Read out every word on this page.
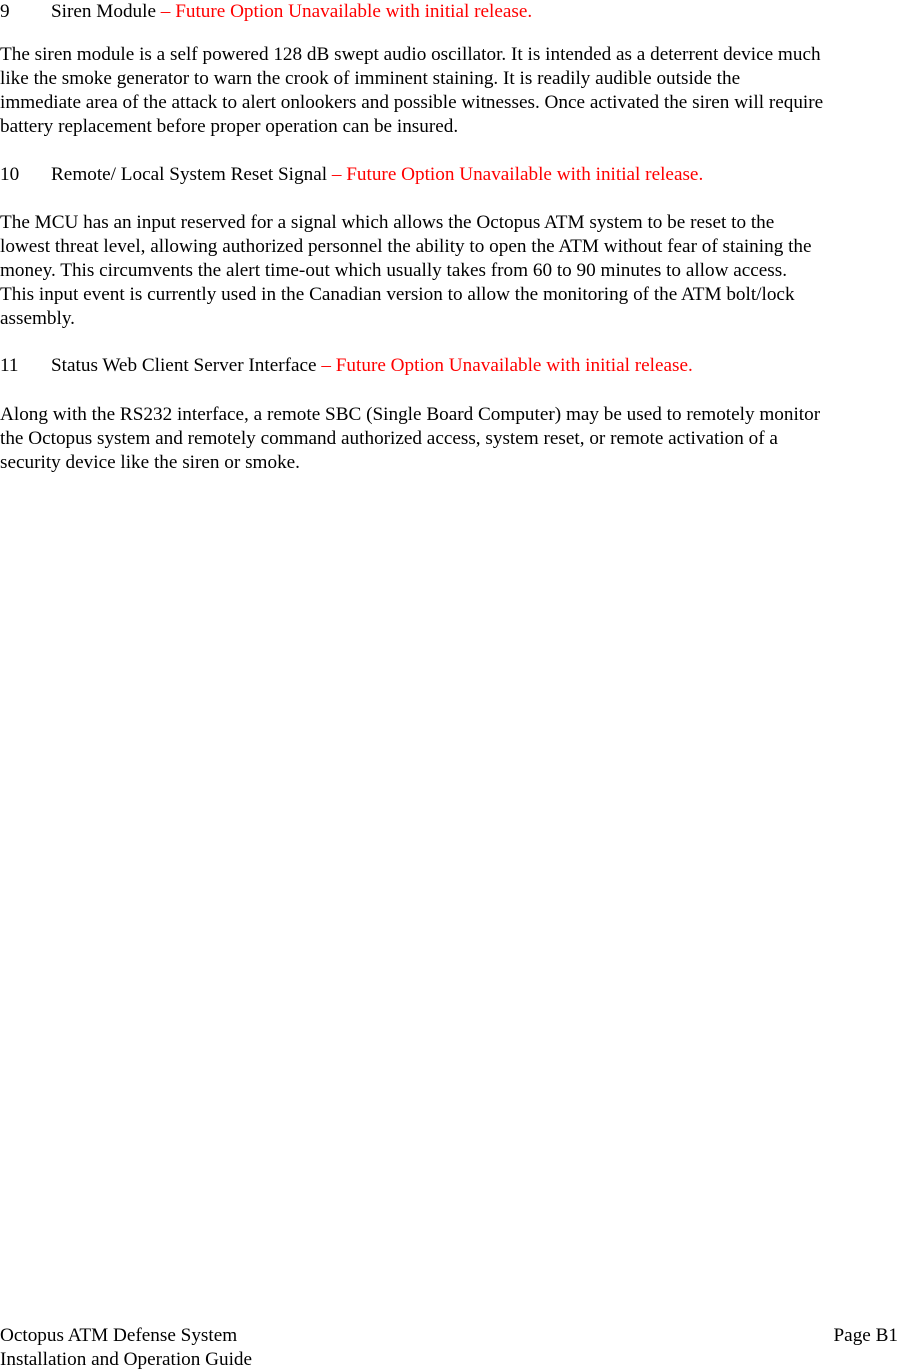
9 Siren Module – Future Option Unavailable with initial release.
The siren module is a self powered 128 dB swept audio oscillator. It is intended as a deterrent device much
like the smoke generator to warn the crook of imminent staining. It is readily audible outside the
immediate area of the attack to alert onlookers and possible witnesses. Once activated the siren will require
battery replacement before proper operation can be insured.
10 Remote/ Local System Reset Signal – Future Option Unavailable with initial release.
The MCU has an input reserved for a signal which allows the Octopus ATM system to be reset to the
lowest threat level, allowing authorized personnel the ability to open the ATM without fear of staining the
money. This circumvents the alert time-out which usually takes from 60 to 90 minutes to allow access.
This input event is currently used in the Canadian version to allow the monitoring of the ATM bolt/lock
assembly.
11 Status Web Client Server Interface – Future Option Unavailable with initial release.
Along with the RS232 interface, a remote SBC (Single Board Computer) may be used to remotely monitor
the Octopus system and remotely command authorized access, system reset, or remote activation of a
security device like the siren or smoke.
Octopus ATM Defense System	Page B1
Installation and Operation Guide
